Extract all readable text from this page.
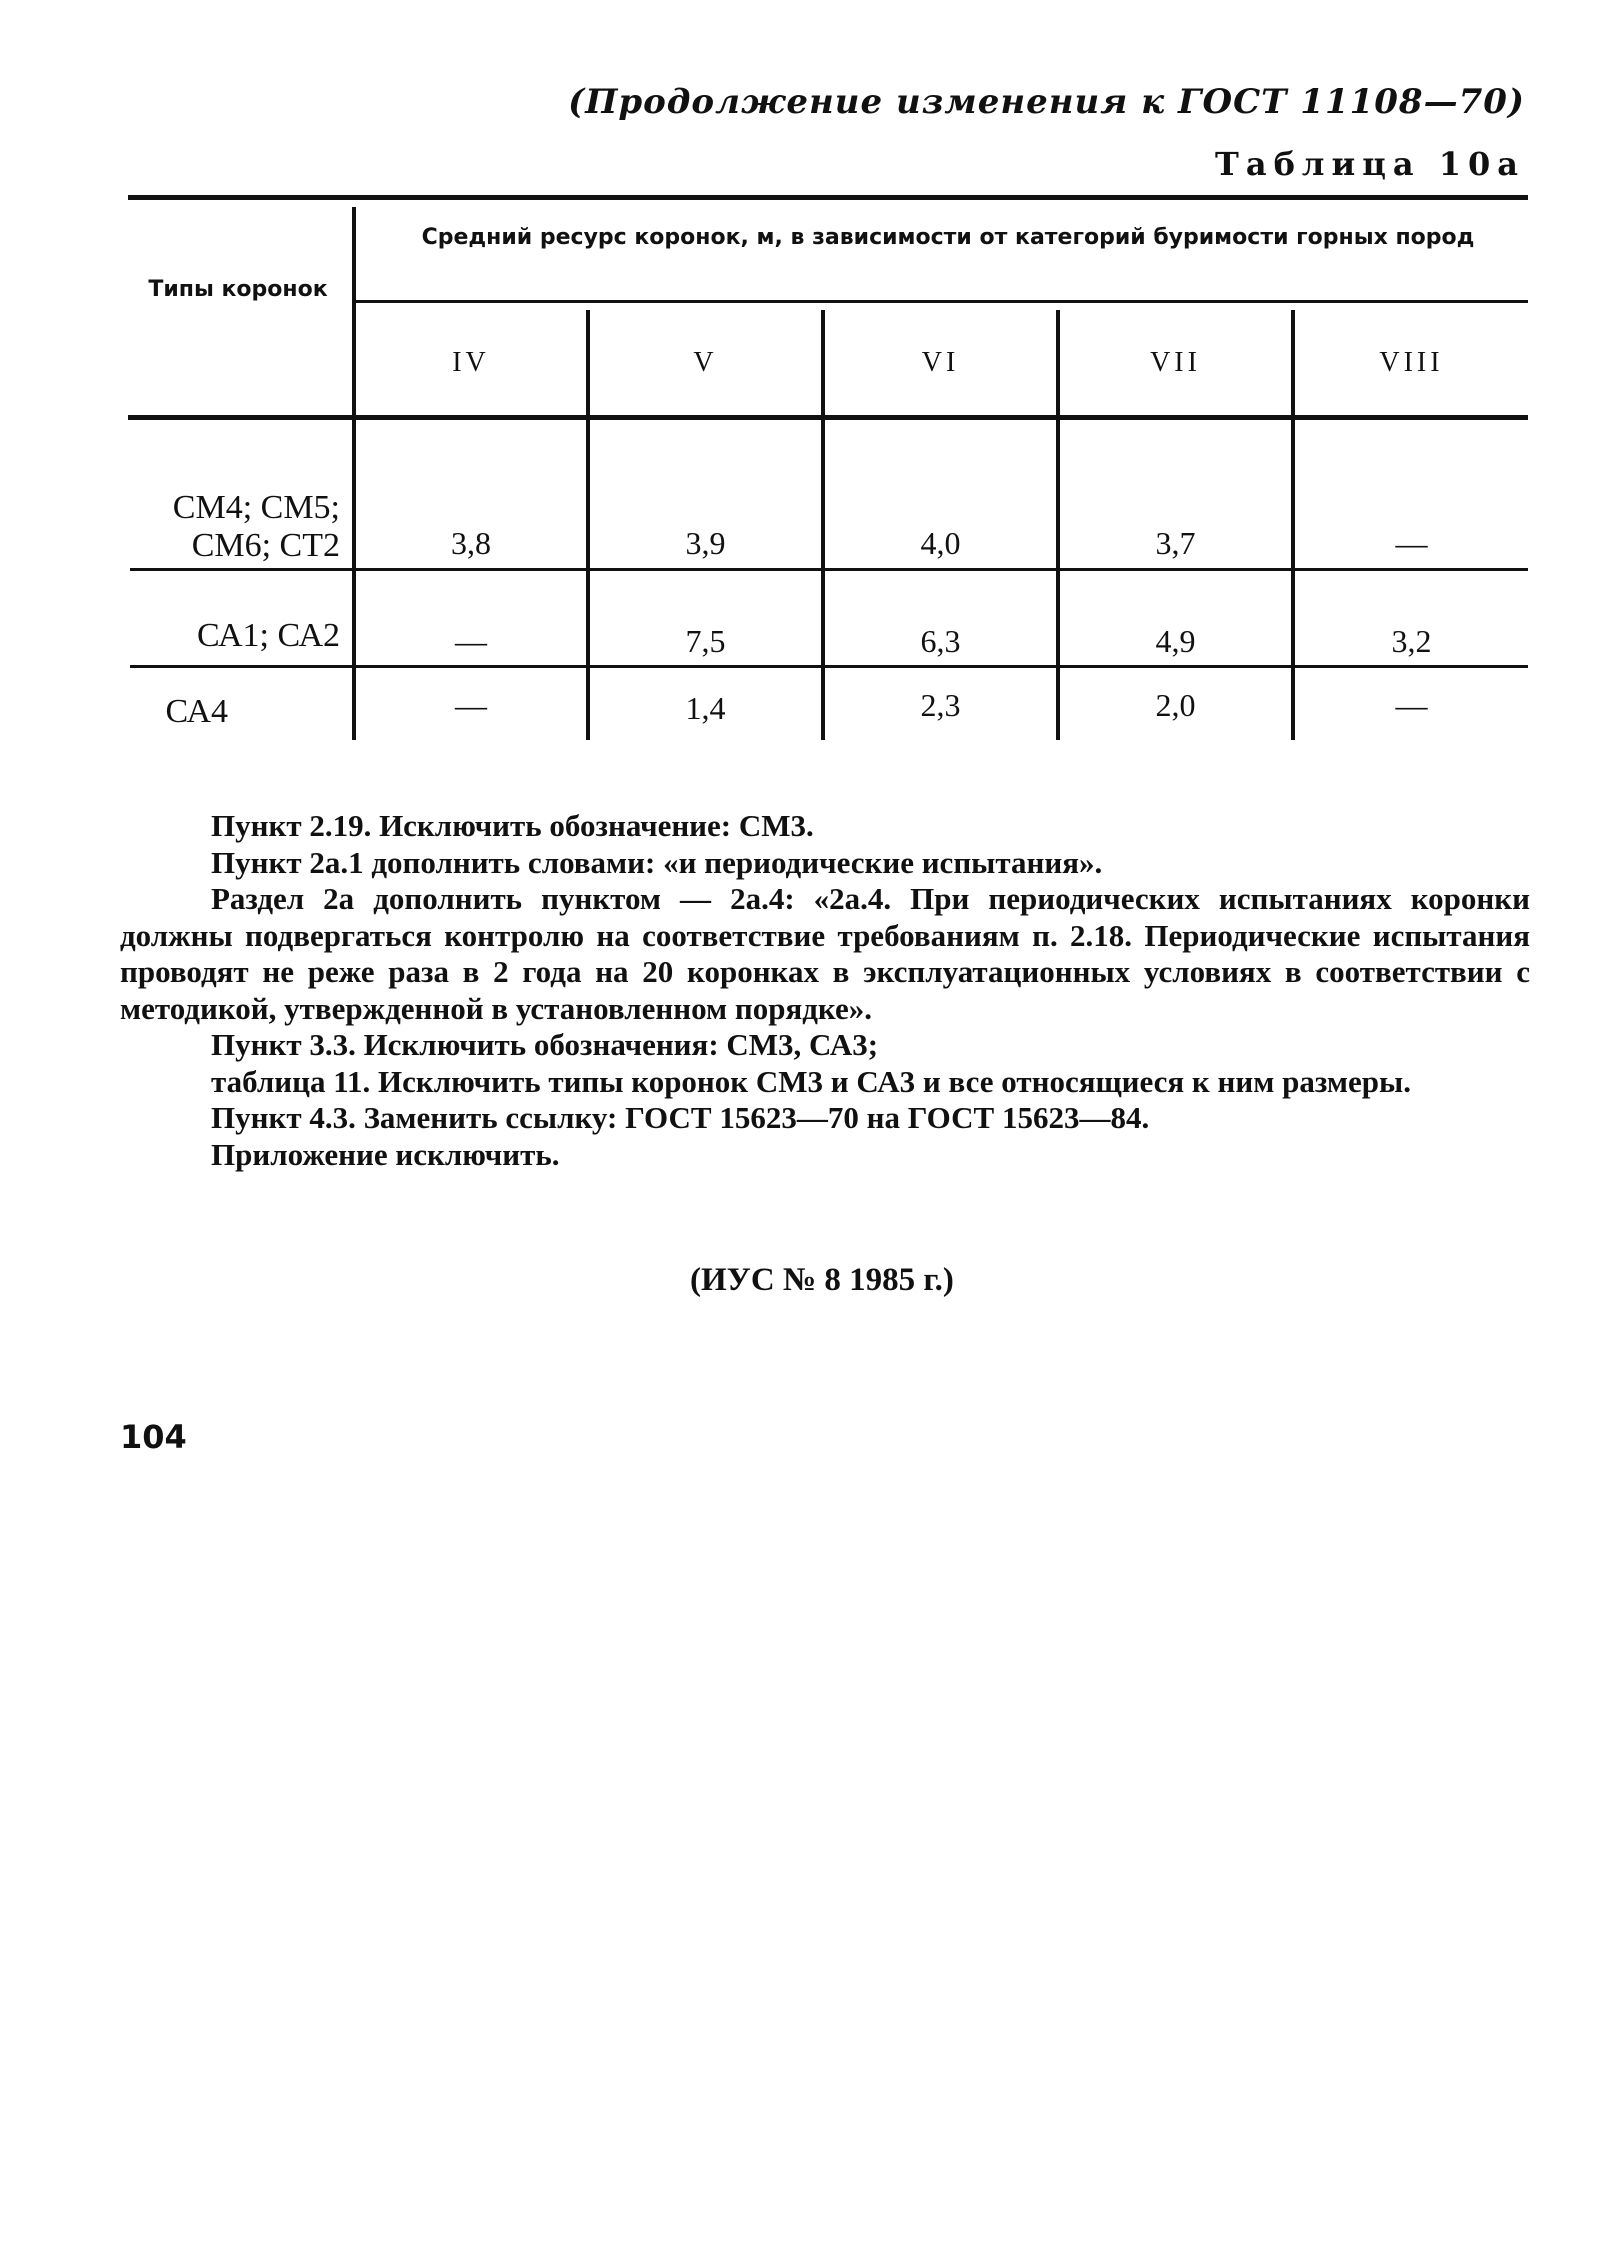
(Продолжение изменения к ГОСТ 11108—70)
Таблица 10а
Типы коронок
Средний ресурс коронок, м, в зависимости от категорий буримости горных пород
IV	V	VI	VII	VIII
СМ4; СМ5; СМ6; СТ2	3,8	3,9	4,0	3,7	—
СА1; СА2	—	7,5	6,3	4,9	3,2
СА4	—	1,4	2,3	2,0	—

Пункт 2.19. Исключить обозначение: СМ3.

Пункт 2а.1 дополнить словами: «и периодические испытания».

Раздел 2а дополнить пунктом — 2а.4: «2а.4. При периодических испытаниях коронки должны подвергаться контролю на соответствие требованиям п. 2.18. Периодические испытания проводят не реже раза в 2 года на 20 коронках в эксплуатационных условиях в соответствии с методикой, утвержденной в установленном порядке».

Пункт 3.3. Исключить обозначения: СМ3, СА3;

таблица 11. Исключить типы коронок СМ3 и СА3 и все относящиеся к ним размеры.

Пункт 4.3. Заменить ссылку: ГОСТ 15623—70 на ГОСТ 15623—84.

Приложение исключить.

(ИУС № 8 1985 г.)
104
